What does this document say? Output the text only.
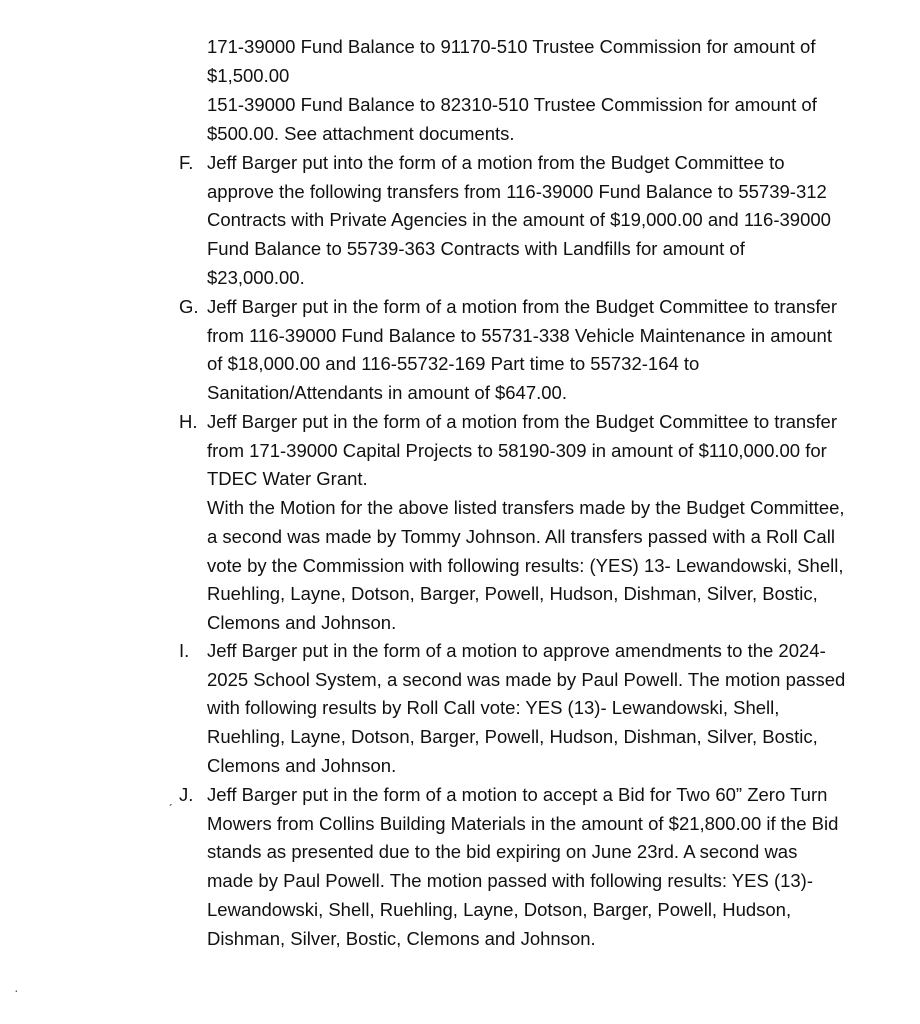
171-39000 Fund Balance to 91170-510 Trustee Commission for amount of $1,500.00

151-39000 Fund Balance to 82310-510 Trustee Commission for amount of $500.00. See attachment documents.

F. Jeff Barger put into the form of a motion from the Budget Committee to approve the following transfers from 116-39000 Fund Balance to 55739-312 Contracts with Private Agencies in the amount of $19,000.00 and 116-39000 Fund Balance to 55739-363 Contracts with Landfills for amount of $23,000.00.

G. Jeff Barger put in the form of a motion from the Budget Committee to transfer from 116-39000 Fund Balance to 55731-338 Vehicle Maintenance in amount of $18,000.00 and 116-55732-169 Part time to 55732-164 to Sanitation/Attendants in amount of $647.00.

H. Jeff Barger put in the form of a motion from the Budget Committee to transfer from 171-39000 Capital Projects to 58190-309 in amount of $110,000.00 for TDEC Water Grant.

With the Motion for the above listed transfers made by the Budget Committee, a second was made by Tommy Johnson. All transfers passed with a Roll Call vote by the Commission with following results: (YES) 13- Lewandowski, Shell, Ruehling, Layne, Dotson, Barger, Powell, Hudson, Dishman, Silver, Bostic, Clemons and Johnson.

I. Jeff Barger put in the form of a motion to approve amendments to the 2024-2025 School System, a second was made by Paul Powell. The motion passed with following results by Roll Call vote: YES (13)- Lewandowski, Shell, Ruehling, Layne, Dotson, Barger, Powell, Hudson, Dishman, Silver, Bostic, Clemons and Johnson.

J. Jeff Barger put in the form of a motion to accept a Bid for Two 60” Zero Turn Mowers from Collins Building Materials in the amount of $21,800.00 if the Bid stands as presented due to the bid expiring on June 23rd. A second was made by Paul Powell. The motion passed with following results: YES (13)- Lewandowski, Shell, Ruehling, Layne, Dotson, Barger, Powell, Hudson, Dishman, Silver, Bostic, Clemons and Johnson.

ˏ
·
